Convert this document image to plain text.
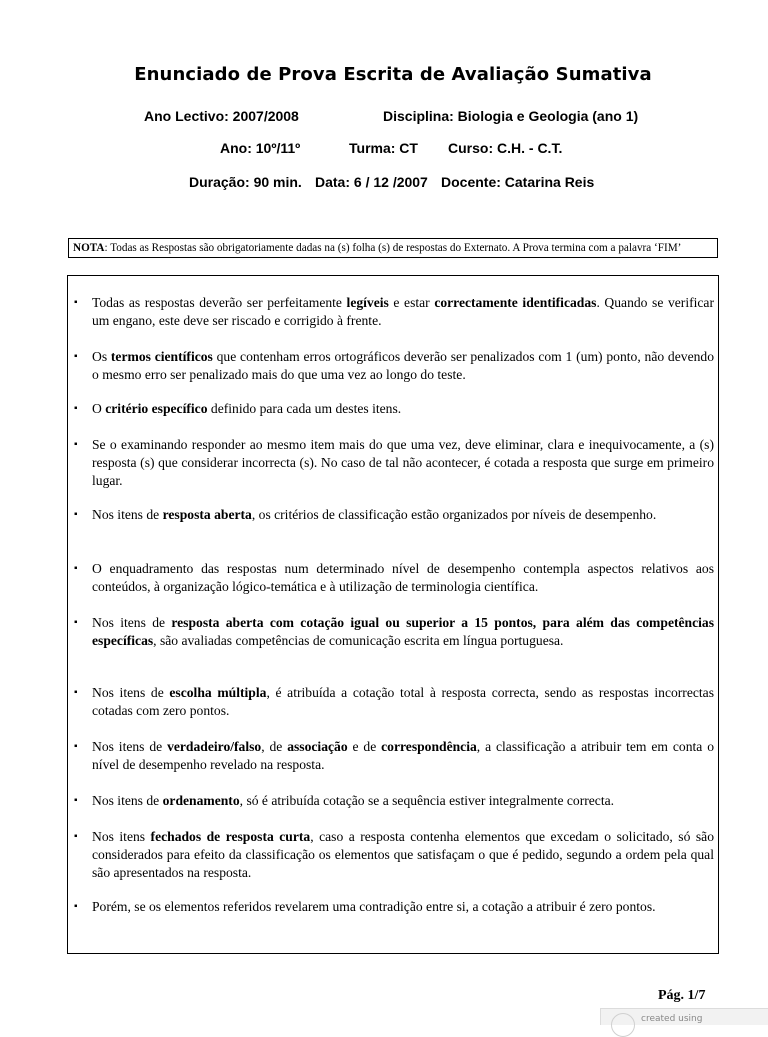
Enunciado de Prova Escrita de Avaliação Sumativa
Ano Lectivo: 2007/2008	Disciplina: Biologia e Geologia (ano 1)
Ano: 10º/11º	Turma: CT Curso: C.H. - C.T.
Duração: 90 min. Data: 6 / 12 /2007 Docente: Catarina Reis
NOTA: Todas as Respostas são obrigatoriamente dadas na (s) folha (s) de respostas do Externato. A Prova termina com a palavra ‘FIM’
▪	Todas as respostas deverão ser perfeitamente legíveis e estar correctamente identificadas. Quando se verificar um engano, este deve ser riscado e corrigido à frente.
▪	Os termos científicos que contenham erros ortográficos deverão ser penalizados com 1 (um) ponto, não devendo o mesmo erro ser penalizado mais do que uma vez ao longo do teste.
▪	O critério específico definido para cada um destes itens.
▪	Se o examinando responder ao mesmo item mais do que uma vez, deve eliminar, clara e inequivocamente, a (s) resposta (s) que considerar incorrecta (s). No caso de tal não acontecer, é cotada a resposta que surge em primeiro lugar.
▪	Nos itens de resposta aberta, os critérios de classificação estão organizados por níveis de desempenho.
▪	O enquadramento das respostas num determinado nível de desempenho contempla aspectos relativos aos conteúdos, à organização lógico-temática e à utilização de terminologia científica.
▪	Nos itens de resposta aberta com cotação igual ou superior a 15 pontos, para além das competências específicas, são avaliadas competências de comunicação escrita em língua portuguesa.
▪	Nos itens de escolha múltipla, é atribuída a cotação total à resposta correcta, sendo as respostas incorrectas cotadas com zero pontos.
▪	Nos itens de verdadeiro/falso, de associação e de correspondência, a classificação a atribuir tem em conta o nível de desempenho revelado na resposta.
▪	Nos itens de ordenamento, só é atribuída cotação se a sequência estiver integralmente correcta.
▪	Nos itens fechados de resposta curta, caso a resposta contenha elementos que excedam o solicitado, só são considerados para efeito da classificação os elementos que satisfaçam o que é pedido, segundo a ordem pela qual são apresentados na resposta.
▪	Porém, se os elementos referidos revelarem uma contradição entre si, a cotação a atribuir é zero pontos.
Pág. 1/7
created using
